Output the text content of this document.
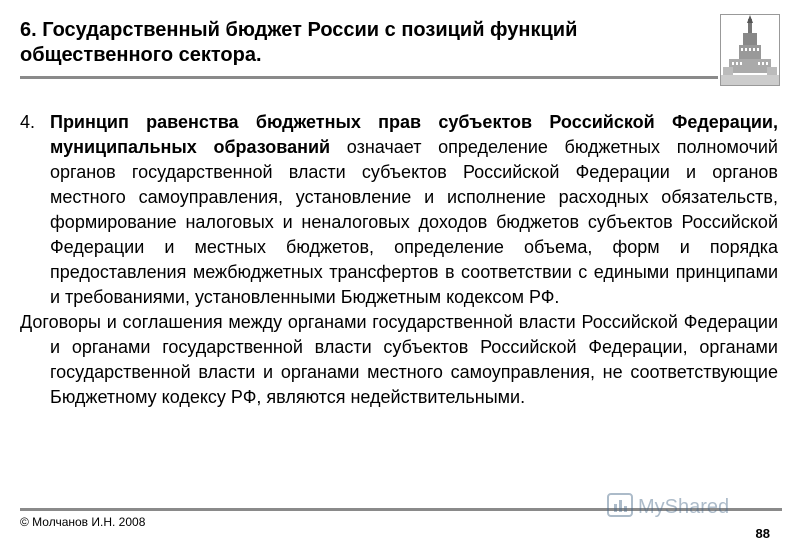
6. Государственный бюджет России с позиций функций общественного сектора.

4. Принцип равенства бюджетных прав субъектов Российской Федерации, муниципальных образований означает определение бюджетных полномочий органов государственной власти субъектов Российской Федерации и органов местного самоуправления, установление и исполнение расходных обязательств, формирование налоговых и неналоговых доходов бюджетов субъектов Российской Федерации и местных бюджетов, определение объема, форм и порядка предоставления межбюджетных трансфертов в соответствии с едиными принципами и требованиями, установленными Бюджетным кодексом РФ.

Договоры и соглашения между органами государственной власти Российской Федерации и органами государственной власти субъектов Российской Федерации, органами государственной власти и органами местного самоуправления, не соответствующие Бюджетному кодексу РФ, являются недействительными.

© Молчанов И.Н. 2008
MyShared
88
